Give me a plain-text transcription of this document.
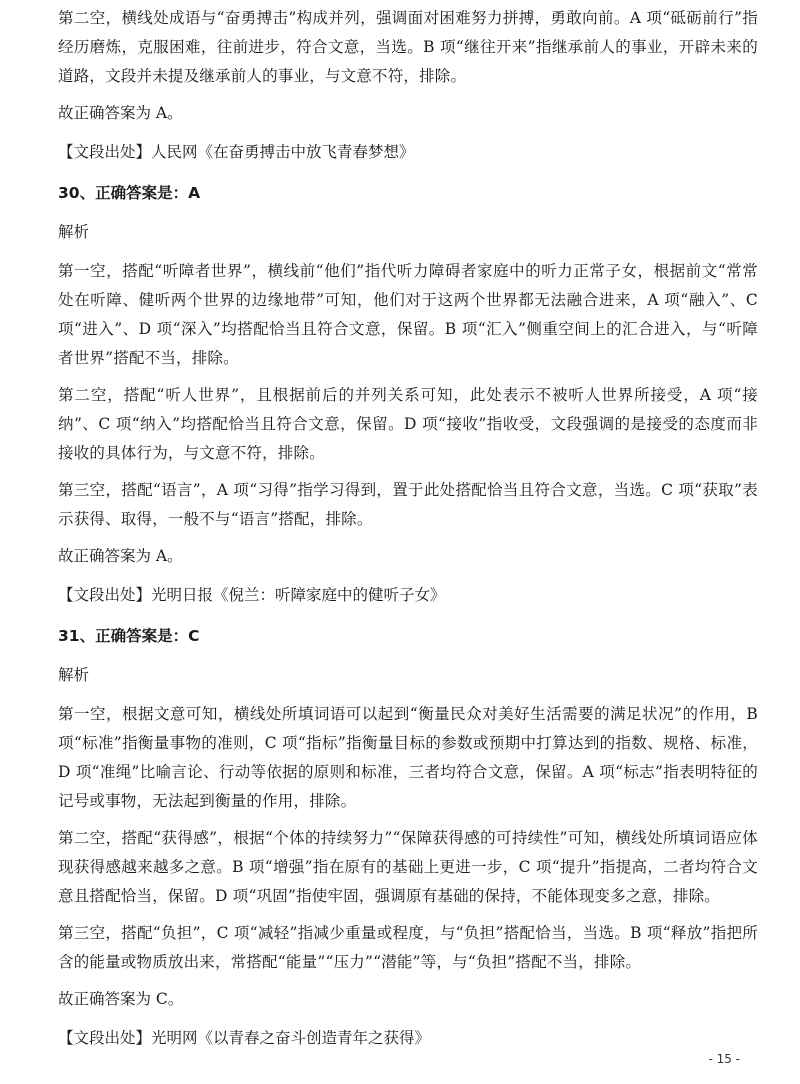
第二空，横线处成语与“奋勇搏击”构成并列，强调面对困难努力拼搏，勇敢向前。A 项“砥砺前行”指经历磨炼，克服困难，往前进步，符合文意，当选。B 项“继往开来”指继承前人的事业，开辟未来的道路，文段并未提及继承前人的事业，与文意不符，排除。

故正确答案为 A。

【文段出处】人民网《在奋勇搏击中放飞青春梦想》

30、正确答案是：A

解析

第一空，搭配“听障者世界”，横线前“他们”指代听力障碍者家庭中的听力正常子女，根据前文“常常处在听障、健听两个世界的边缘地带”可知，他们对于这两个世界都无法融合进来，A 项“融入”、C 项“进入”、D 项“深入”均搭配恰当且符合文意，保留。B 项“汇入”侧重空间上的汇合进入，与“听障者世界”搭配不当，排除。

第二空，搭配“听人世界”，且根据前后的并列关系可知，此处表示不被听人世界所接受，A 项“接纳”、C 项“纳入”均搭配恰当且符合文意，保留。D 项“接收”指收受，文段强调的是接受的态度而非接收的具体行为，与文意不符，排除。

第三空，搭配“语言”，A 项“习得”指学习得到，置于此处搭配恰当且符合文意，当选。C 项“获取”表示获得、取得，一般不与“语言”搭配，排除。

故正确答案为 A。

【文段出处】光明日报《倪兰：听障家庭中的健听子女》

31、正确答案是：C

解析

第一空，根据文意可知，横线处所填词语可以起到“衡量民众对美好生活需要的满足状况”的作用，B 项“标准”指衡量事物的准则，C 项“指标”指衡量目标的参数或预期中打算达到的指数、规格、标准，D 项“准绳”比喻言论、行动等依据的原则和标准，三者均符合文意，保留。A 项“标志”指表明特征的记号或事物，无法起到衡量的作用，排除。

第二空，搭配“获得感”，根据“个体的持续努力”“保障获得感的可持续性”可知，横线处所填词语应体现获得感越来越多之意。B 项“增强”指在原有的基础上更进一步，C 项“提升”指提高，二者均符合文意且搭配恰当，保留。D 项“巩固”指使牢固，强调原有基础的保持，不能体现变多之意，排除。

第三空，搭配“负担”，C 项“减轻”指减少重量或程度，与“负担”搭配恰当，当选。B 项“释放”指把所含的能量或物质放出来，常搭配“能量”“压力”“潜能”等，与“负担”搭配不当，排除。

故正确答案为 C。

【文段出处】光明网《以青春之奋斗创造青年之获得》

- 15 -
